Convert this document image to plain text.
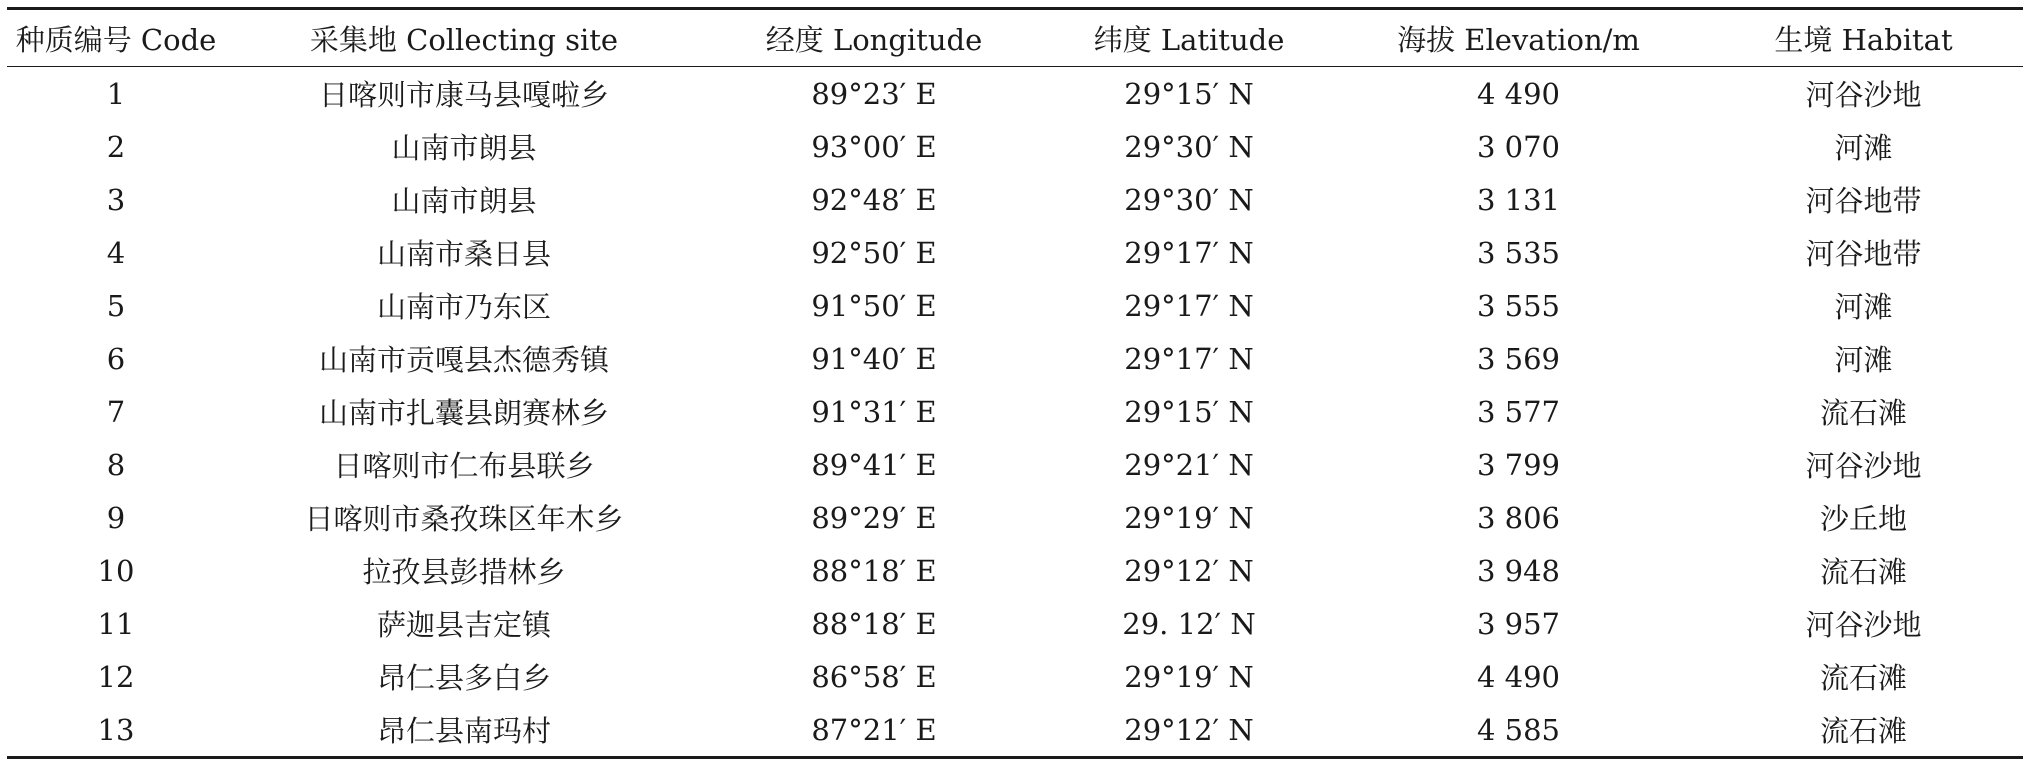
种质编号 Code	采集地 Collecting site	经度 Longitude	纬度 Latitude	海拔 Elevation/m	生境 Habitat
1	日喀则市康马县嘎啦乡	89°23′ E	29°15′ N	4 490	河谷沙地
2	山南市朗县	93°00′ E	29°30′ N	3 070	河滩
3	山南市朗县	92°48′ E	29°30′ N	3 131	河谷地带
4	山南市桑日县	92°50′ E	29°17′ N	3 535	河谷地带
5	山南市乃东区	91°50′ E	29°17′ N	3 555	河滩
6	山南市贡嘎县杰德秀镇	91°40′ E	29°17′ N	3 569	河滩
7	山南市扎囊县朗赛林乡	91°31′ E	29°15′ N	3 577	流石滩
8	日喀则市仁布县联乡	89°41′ E	29°21′ N	3 799	河谷沙地
9	日喀则市桑孜珠区年木乡	89°29′ E	29°19′ N	3 806	沙丘地
10	拉孜县彭措林乡	88°18′ E	29°12′ N	3 948	流石滩
11	萨迦县吉定镇	88°18′ E	29. 12′ N	3 957	河谷沙地
12	昂仁县多白乡	86°58′ E	29°19′ N	4 490	流石滩
13	昂仁县南玛村	87°21′ E	29°12′ N	4 585	流石滩
